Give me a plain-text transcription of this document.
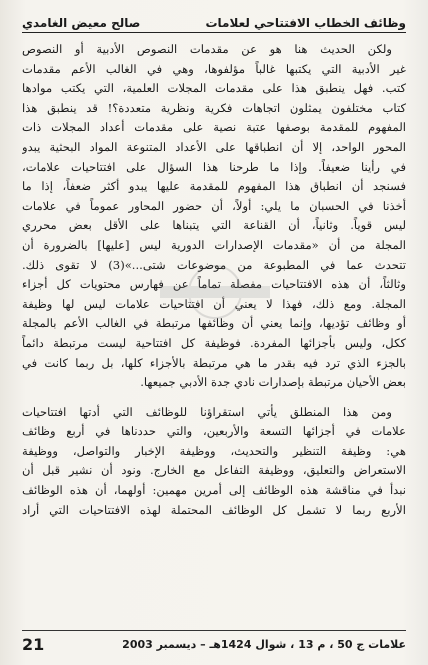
وظائف الخطاب الافتتاحي لعلامات
صالح معيض الغامدي

ولكن الحديث هنا هو عن مقدمات النصوص الأدبية أو النصوص
غير الأدبية التي يكتبها غالباً مؤلفوها، وهي في الغالب الأعم مقدمات
كتب. فهل ينطبق هذا على مقدمات المجلات العلمية، التي يكتب موادها
كتاب مختلفون يمثلون اتجاهات فكرية ونظرية متعددة؟! قد ينطبق هذا
المفهوم للمقدمة بوصفها عتبة نصية على مقدمات أعداد المجلات ذات
المحور الواحد، إلا أن انطباقها على الأعداد المتنوعة المواد البحثية يبدو
في رأينا ضعيفاً. وإذا ما طرحنا هذا السؤال على افتتاحيات علامات،
فسنجد أن انطباق هذا المفهوم للمقدمة عليها يبدو أكثر ضعفاً، إذا ما
أخذنا في الحسبان ما يلي: أولاً، أن حضور المحاور عموماً في علامات
ليس قوياً. وثانياً، أن القناعة التي يتبناها على الأقل بعض محرري
المجلة من أن «مقدمات الإصدارات الدورية ليس [عليها] بالضرورة أن
تتحدث عما في المطبوعة من موضوعات شتى...»(3) لا تقوى ذلك.
وثالثاً، أن هذه الافتتاحيات مفصلة تماماً عن فهارس محتويات كل أجزاء
المجلة. ومع ذلك، فهذا لا يعني أن افتتاحيات علامات ليس لها وظيفة
أو وظائف تؤديها، وإنما يعني أن وظائفها مرتبطة في الغالب الأعم بالمجلة
ككل، وليس بأجزائها المفردة. فوظيفة كل افتتاحية ليست مرتبطة دائماً
بالجزء الذي ترد فيه بقدر ما هي مرتبطة بالأجزاء كلها، بل ربما كانت في
بعض الأحيان مرتبطة بإصدارات نادي جدة الأدبي جميعها.

ومن هذا المنطلق يأتي استقراؤنا للوظائف التي أدتها افتتاحيات
علامات في أجزائها التسعة والأربعين، والتي حددناها في أربع وظائف
هي: وظيفة التنظير والتحديث، ووظيفة الإخبار والتواصل، ووظيفة
الاستعراض والتعليق، ووظيفة التفاعل مع الخارج. ونود أن نشير قبل أن
نبدأ في مناقشة هذه الوظائف إلى أمرين مهمين: أولهما، أن هذه الوظائف
الأربع ربما لا تشمل كل الوظائف المحتملة لهذه الافتتاحيات التي أراد

21	علامات ج 50 ، م 13 ، شوال 1424هـ – ديسمبر 2003
